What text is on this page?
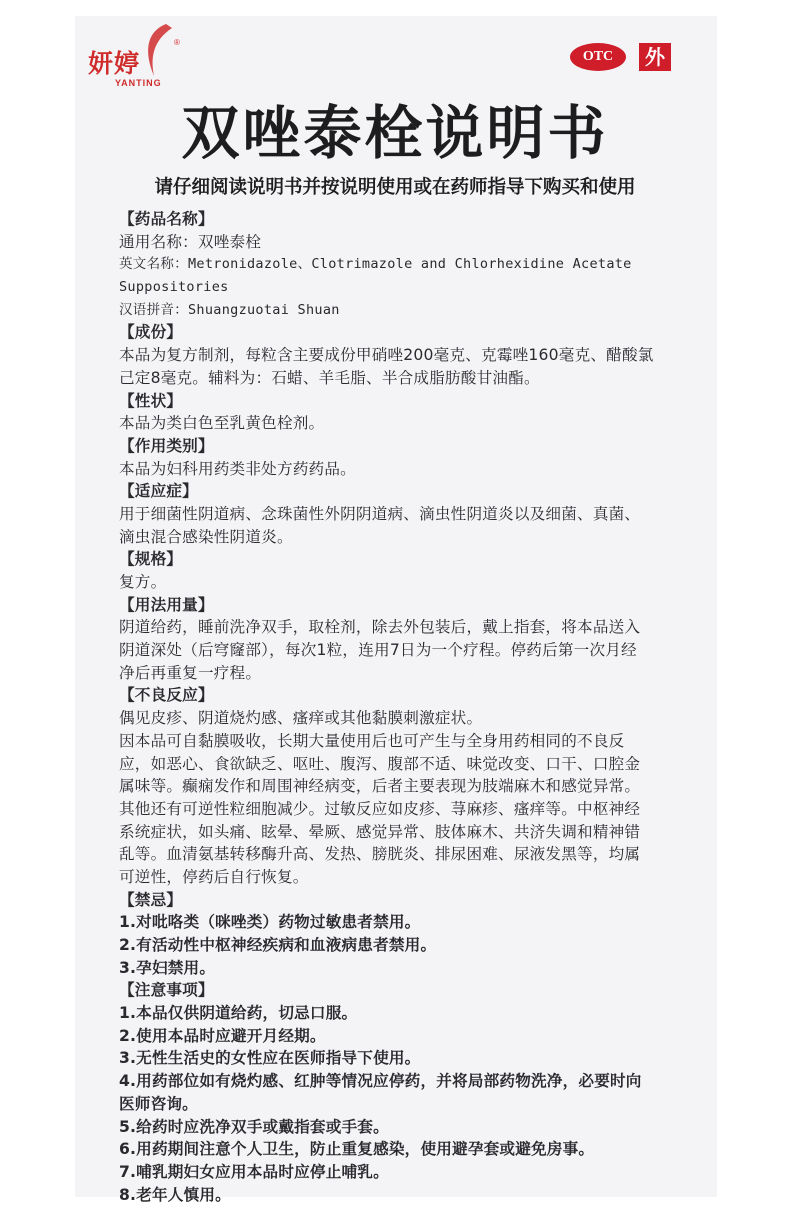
妍婷
®
YANTING
OTC	外
双唑泰栓说明书
请仔细阅读说明书并按说明使用或在药师指导下购买和使用
【药品名称】
通用名称：双唑泰栓
英文名称：Metronidazole、Clotrimazole and Chlorhexidine Acetate
Suppositories
汉语拼音：Shuangzuotai Shuan
【成份】
本品为复方制剂，每粒含主要成份甲硝唑200毫克、克霉唑160毫克、醋酸氯
己定8毫克。辅料为：石蜡、羊毛脂、半合成脂肪酸甘油酯。
【性状】
本品为类白色至乳黄色栓剂。
【作用类别】
本品为妇科用药类非处方药药品。
【适应症】
用于细菌性阴道病、念珠菌性外阴阴道病、滴虫性阴道炎以及细菌、真菌、
滴虫混合感染性阴道炎。
【规格】
复方。
【用法用量】
阴道给药，睡前洗净双手，取栓剂，除去外包装后，戴上指套，将本品送入
阴道深处（后穹窿部），每次1粒，连用7日为一个疗程。停药后第一次月经
净后再重复一疗程。
【不良反应】
偶见皮疹、阴道烧灼感、瘙痒或其他黏膜刺激症状。
因本品可自黏膜吸收，长期大量使用后也可产生与全身用药相同的不良反
应，如恶心、食欲缺乏、呕吐、腹泻、腹部不适、味觉改变、口干、口腔金
属味等。癫痫发作和周围神经病变，后者主要表现为肢端麻木和感觉异常。
其他还有可逆性粒细胞减少。过敏反应如皮疹、荨麻疹、瘙痒等。中枢神经
系统症状，如头痛、眩晕、晕厥、感觉异常、肢体麻木、共济失调和精神错
乱等。血清氨基转移酶升高、发热、膀胱炎、排尿困难、尿液发黑等，均属
可逆性，停药后自行恢复。
【禁忌】
1.对吡咯类（咪唑类）药物过敏患者禁用。
2.有活动性中枢神经疾病和血液病患者禁用。
3.孕妇禁用。
【注意事项】
1.本品仅供阴道给药，切忌口服。
2.使用本品时应避开月经期。
3.无性生活史的女性应在医师指导下使用。
4.用药部位如有烧灼感、红肿等情况应停药，并将局部药物洗净，必要时向
医师咨询。
5.给药时应洗净双手或戴指套或手套。
6.用药期间注意个人卫生，防止重复感染，使用避孕套或避免房事。
7.哺乳期妇女应用本品时应停止哺乳。
8.老年人慎用。
